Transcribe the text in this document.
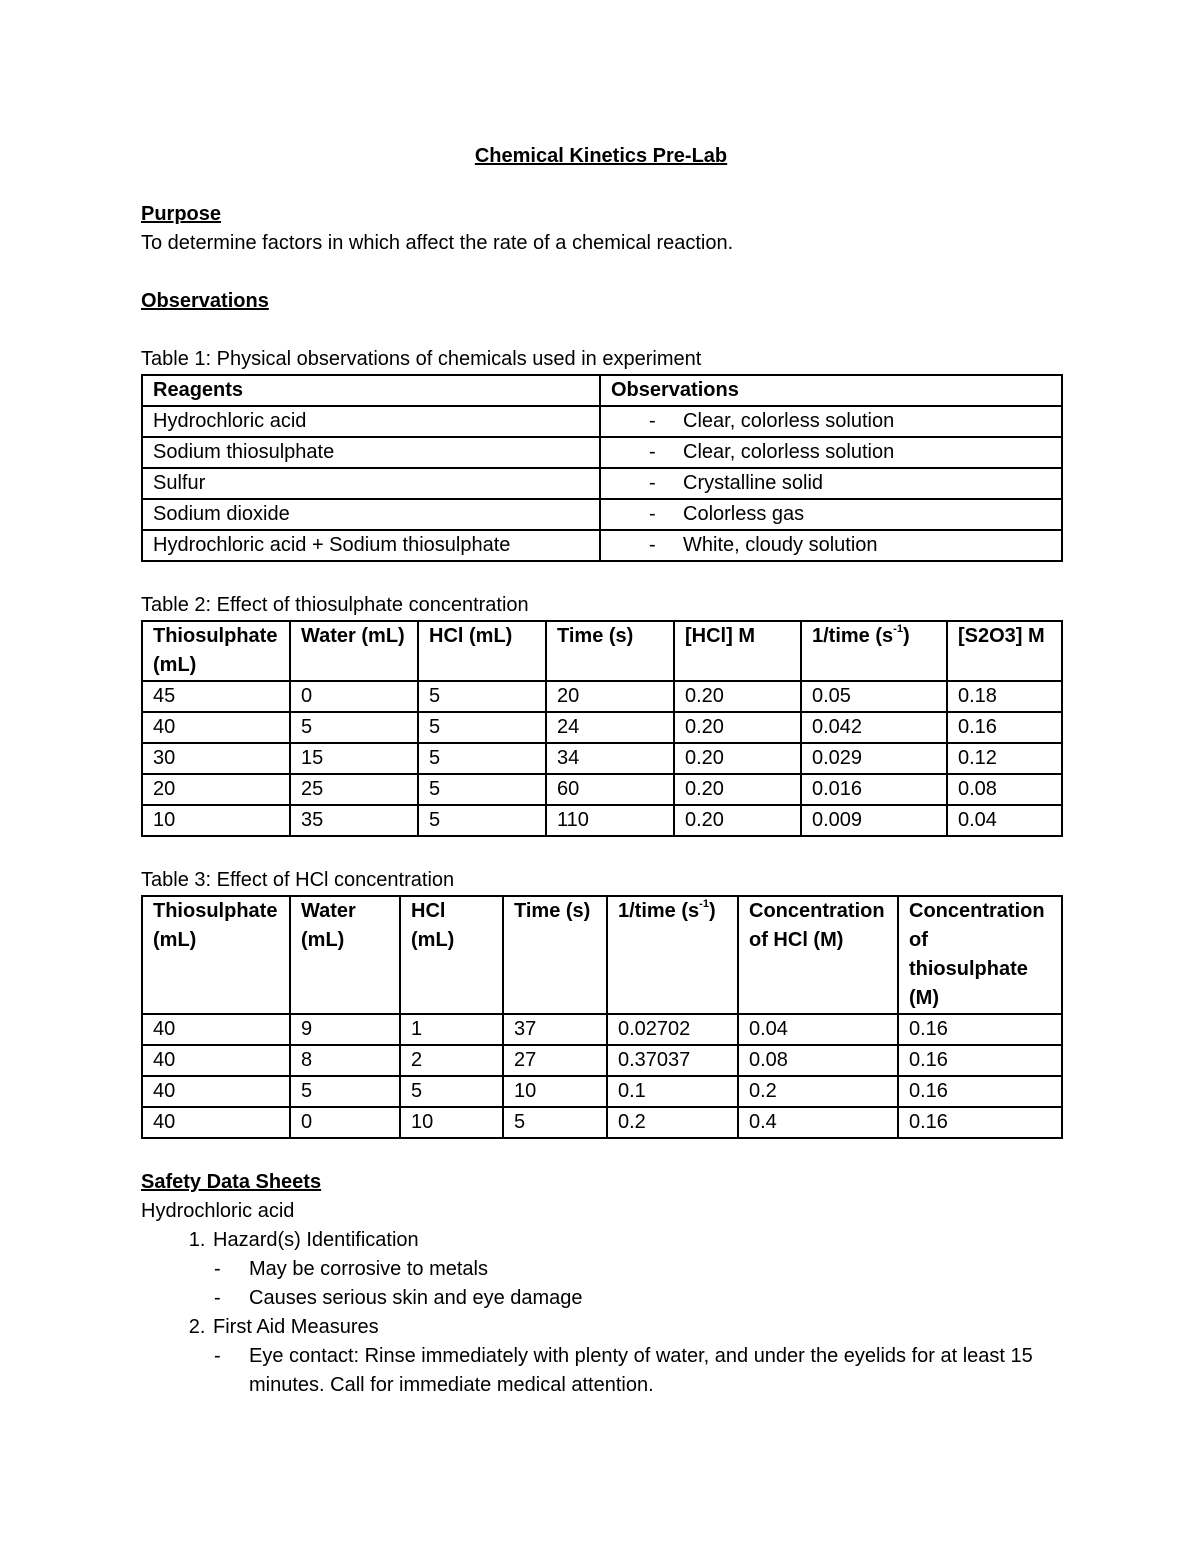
Chemical Kinetics Pre-Lab
Purpose

To determine factors in which affect the rate of a chemical reaction.

Observations

Table 1: Physical observations of chemicals used in experiment

Reagents	Observations
Hydrochloric acid	- Clear, colorless solution
Sodium thiosulphate	- Clear, colorless solution
Sulfur	- Crystalline solid
Sodium dioxide	- Colorless gas
Hydrochloric acid + Sodium thiosulphate	- White, cloudy solution

Table 2: Effect of thiosulphate concentration

Thiosulphate (mL)	Water (mL)	HCl (mL)	Time (s)	[HCl] M	1/time $(s^{-1})$	[S2O3] M
45	0	5	20	0.20	0.05	0.18
40	5	5	24	0.20	0.042	0.16
30	15	5	34	0.20	0.029	0.12
20	25	5	60	0.20	0.016	0.08
10	35	5	110	0.20	0.009	0.04

Table 3: Effect of HCl concentration

Thiosulphate (mL)	Water (mL)	HCl (mL)	Time (s)	1/time $(s^{-1})$	Concentration of HCl (M)	Concentration of thiosulphate (M)
40	9	1	37	0.02702	0.04	0.16
40	8	2	27	0.37037	0.08	0.16
40	5	5	10	0.1	0.2	0.16
40	0	10	5	0.2	0.4	0.16
Safety Data Sheets

Hydrochloric acid

1. Hazard(s) Identification
- May be corrosive to metals
- Causes serious skin and eye damage
2. First Aid Measures
- Eye contact: Rinse immediately with plenty of water, and under the eyelids for at least 15 minutes. Call for immediate medical attention.
